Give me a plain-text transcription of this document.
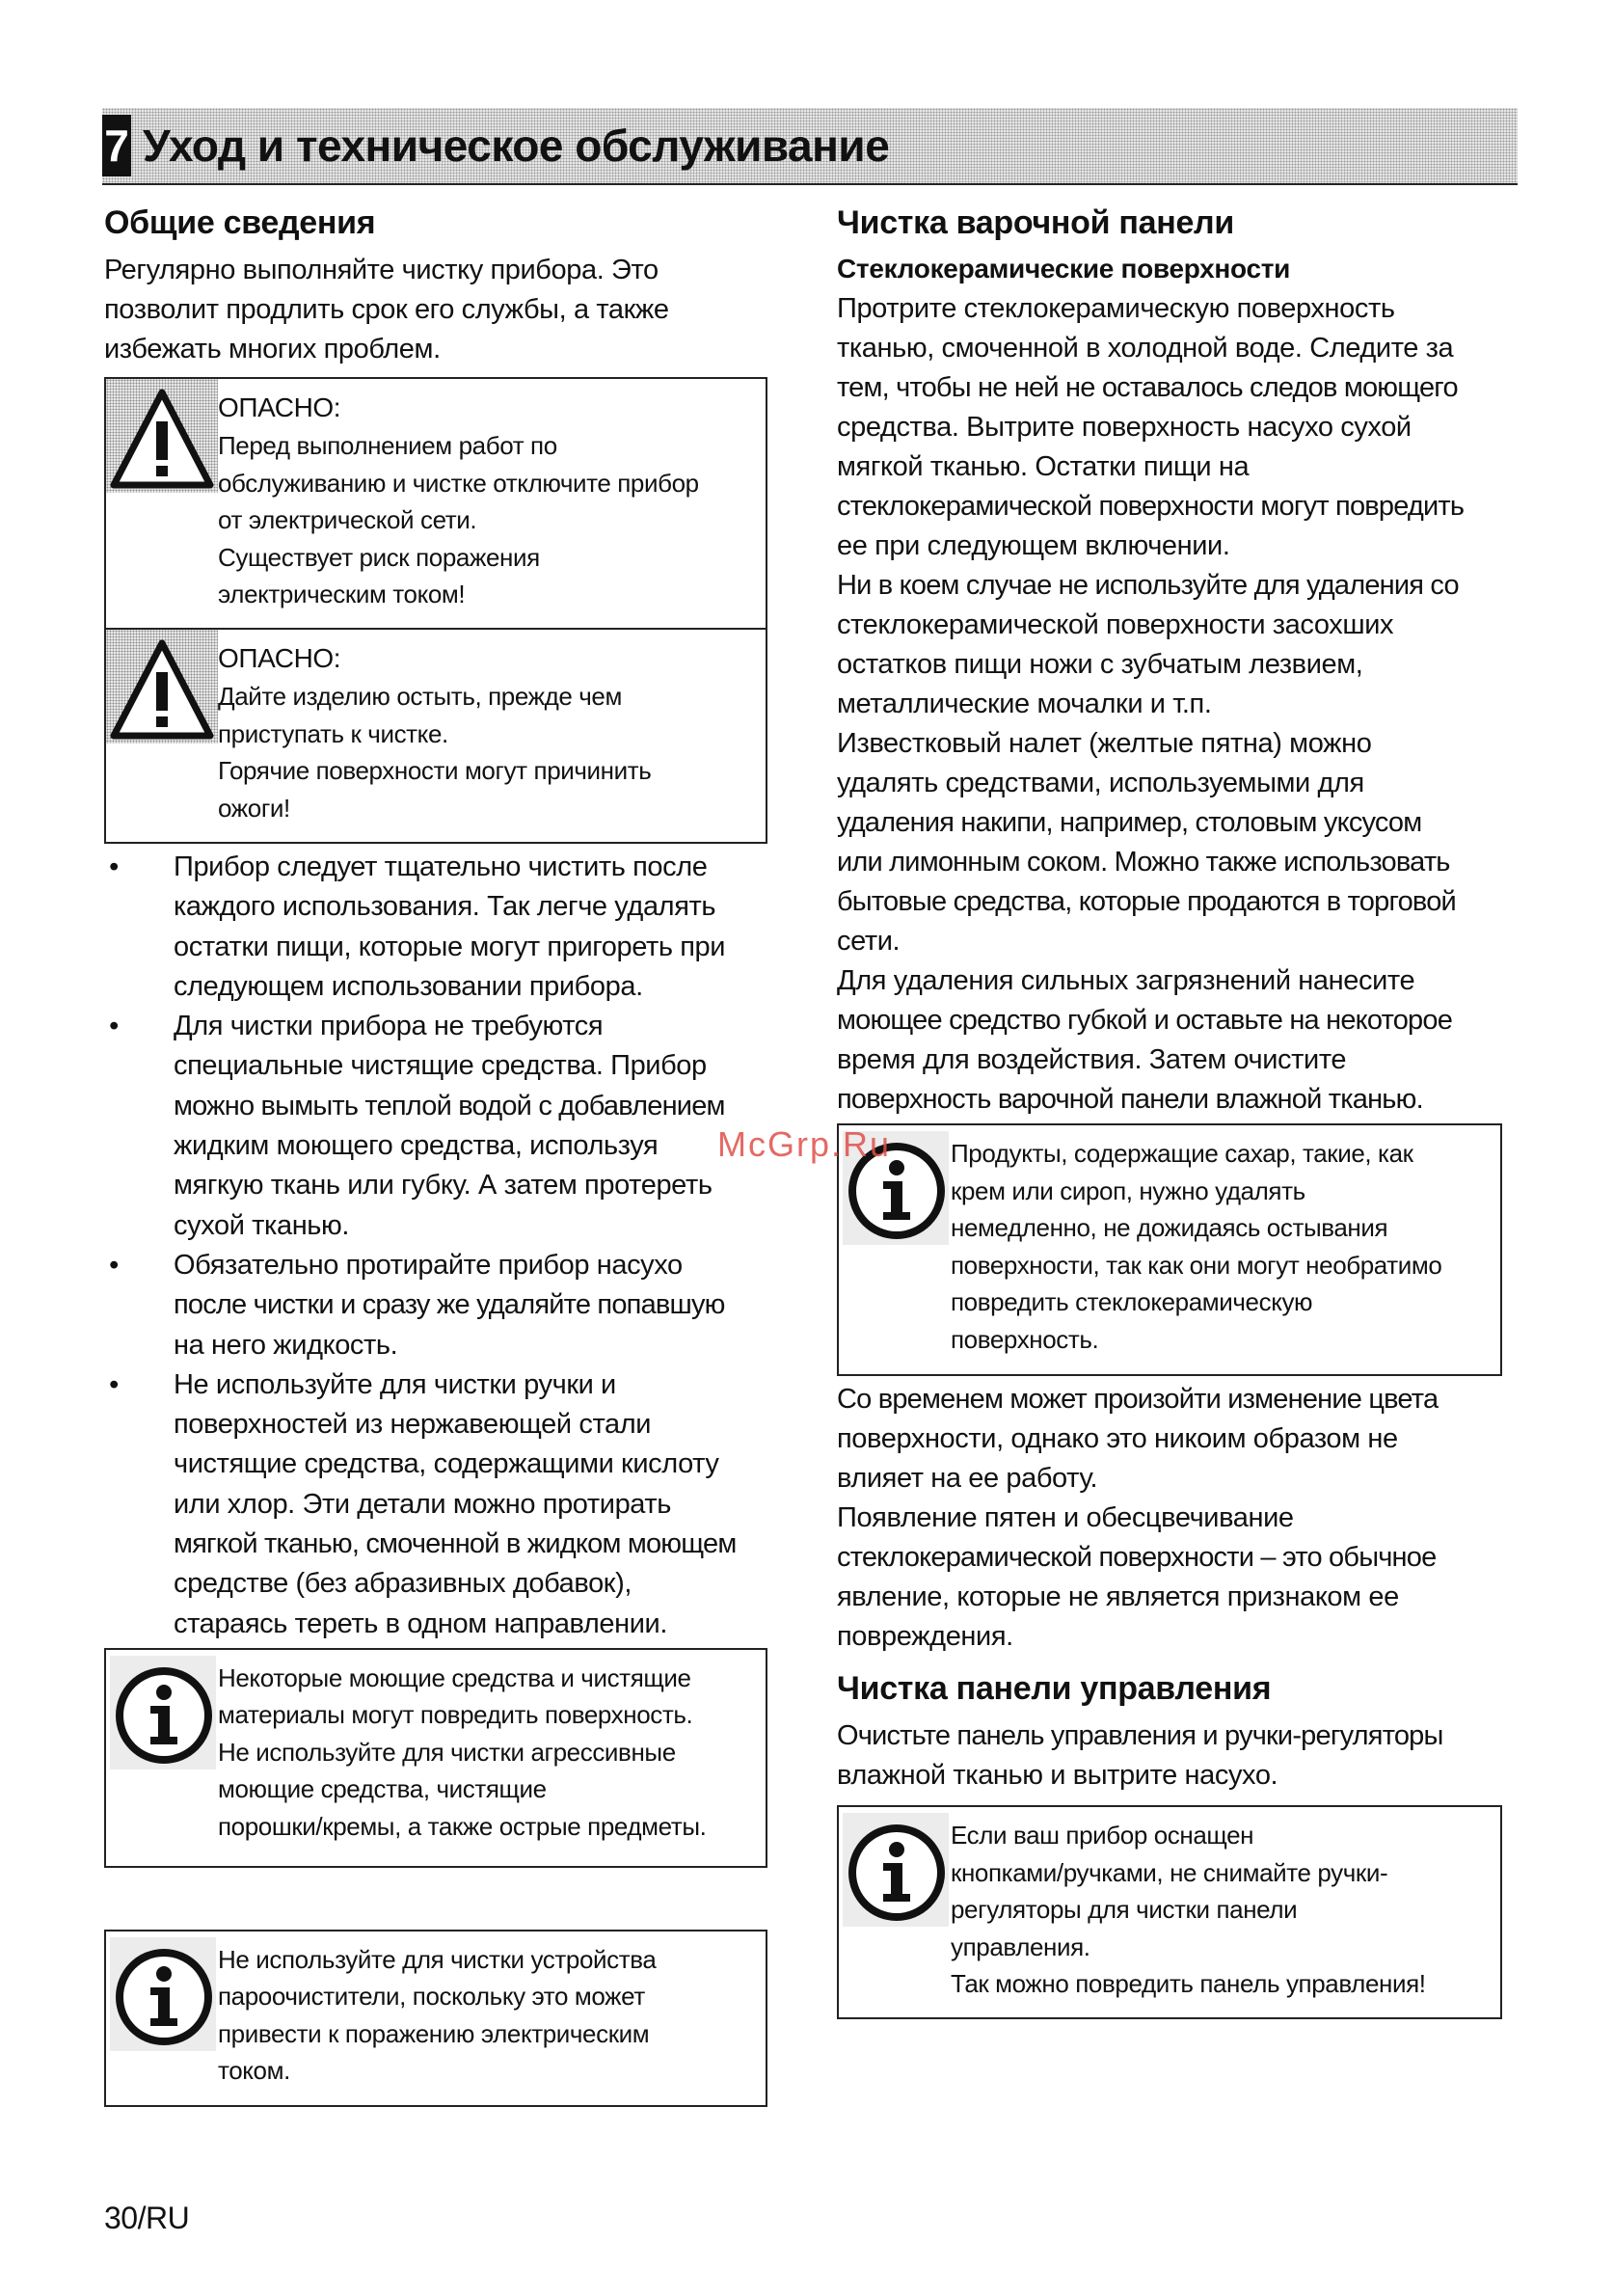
7 Уход и техническое обслуживание
Общие сведения

Регулярно выполняйте чистку прибора. Это
позволит продлить срок его службы, а также
избежать многих проблем.

ОПАСНО:
Перед выполнением работ по
обслуживанию и чистке отключите прибор
от электрической сети.
Существует риск поражения
электрическим током!
ОПАСНО:
Дайте изделию остыть, прежде чем
приступать к чистке.
Горячие поверхности могут причинить
ожоги!
• Прибор следует тщательно чистить после
каждого использования. Так легче удалять
остатки пищи, которые могут пригореть при
следующем использовании прибора.
• Для чистки прибора не требуются
специальные чистящие средства. Прибор
можно вымыть теплой водой с добавлением
жидким моющего средства, используя
мягкую ткань или губку. А затем протереть
сухой тканью.
• Обязательно протирайте прибор насухо
после чистки и сразу же удаляйте попавшую
на него жидкость.
• Не используйте для чистки ручки и
поверхностей из нержавеющей стали
чистящие средства, содержащими кислоту
или хлор. Эти детали можно протирать
мягкой тканью, смоченной в жидком моющем
средстве (без абразивных добавок),
стараясь тереть в одном направлении.
Некоторые моющие средства и чистящие
материалы могут повредить поверхность.
Не используйте для чистки агрессивные
моющие средства, чистящие
порошки/кремы, а также острые предметы.
Не используйте для чистки устройства
пароочистители, поскольку это может
привести к поражению электрическим
током.
Чистка варочной панели
Стеклокерамические поверхности

Протрите стеклокерамическую поверхность
тканью, смоченной в холодной воде. Следите за
тем, чтобы не ней не оставалось следов моющего
средства. Вытрите поверхность насухо сухой
мягкой тканью. Остатки пищи на
стеклокерамической поверхности могут повредить
ее при следующем включении.
Ни в коем случае не используйте для удаления со
стеклокерамической поверхности засохших
остатков пищи ножи с зубчатым лезвием,
металлические мочалки и т.п.
Известковый налет (желтые пятна) можно
удалять средствами, используемыми для
удаления накипи, например, столовым уксусом
или лимонным соком. Можно также использовать
бытовые средства, которые продаются в торговой
сети.
Для удаления сильных загрязнений нанесите
моющее средство губкой и оставьте на некоторое
время для воздействия. Затем очистите
поверхность варочной панели влажной тканью.

Продукты, содержащие сахар, такие, как
крем или сироп, нужно удалять
немедленно, не дожидаясь остывания
поверхности, так как они могут необратимо
повредить стеклокерамическую
поверхность.

Со временем может произойти изменение цвета
поверхности, однако это никоим образом не
влияет на ее работу.
Появление пятен и обесцвечивание
стеклокерамической поверхности – это обычное
явление, которые не является признаком ее
повреждения.

Чистка панели управления

Очистьте панель управления и ручки-регуляторы
влажной тканью и вытрите насухо.

Если ваш прибор оснащен
кнопками/ручками, не снимайте ручки-
регуляторы для чистки панели
управления.
Так можно повредить панель управления!
McGrp.Ru
30/RU
